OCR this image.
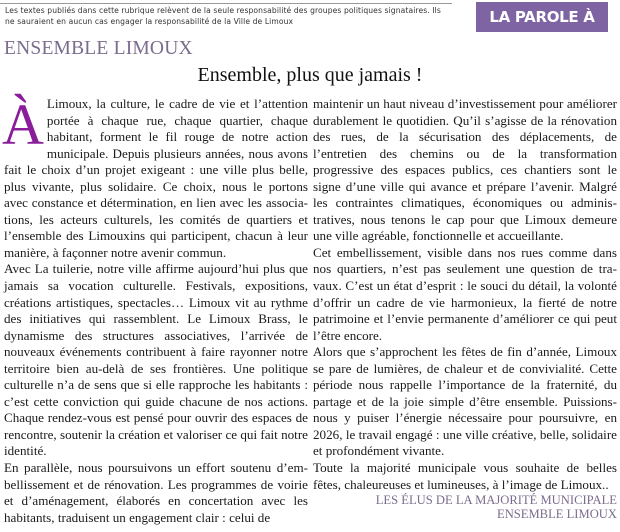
Les textes publiés dans cette rubrique relèvent de la seule responsabilité des groupes politiques signataires. Ils ne sauraient en aucun cas engager la responsabilité de la Ville de Limoux	LA PAROLE À
ENSEMBLE LIMOUX
Ensemble, plus que jamais !

À Limoux, la culture, le cadre de vie et l’attention portée à chaque rue, chaque quartier, chaque habitant, forment le fil rouge de notre action municipale. Depuis plusieurs années, nous avons fait le choix d’un projet exigeant : une ville plus belle, plus vivante, plus solidaire. Ce choix, nous le portons avec constance et détermination, en lien avec les associations, les acteurs culturels, les comités de quartiers et l’ensemble des Limouxins qui participent, chacun à leur manière, à façonner notre avenir commun.

Avec La tuilerie, notre ville affirme aujourd’hui plus que jamais sa vocation culturelle. Festivals, expositions, créations artistiques, spectacles… Limoux vit au rythme des initiatives qui rassemblent. Le Limoux Brass, le dynamisme des structures associatives, l’arrivée de nouveaux événements contribuent à faire rayonner notre territoire bien au-delà de ses frontières. Une politique culturelle n’a de sens que si elle rapproche les habitants : c’est cette conviction qui guide chacune de nos actions. Chaque rendez-vous est pensé pour ouvrir des espaces de rencontre, soutenir la création et valoriser ce qui fait notre identité.

En parallèle, nous poursuivons un effort soutenu d’embellissement et de rénovation. Les programmes de voirie et d’aménagement, élaborés en concertation avec les habitants, traduisent un engagement clair : celui de

maintenir un haut niveau d’investissement pour améliorer durablement le quotidien. Qu’il s’agisse de la rénovation des rues, de la sécurisation des déplacements, de l’entretien des chemins ou de la transformation progressive des espaces publics, ces chantiers sont le signe d’une ville qui avance et prépare l’avenir. Malgré les contraintes climatiques, économiques ou administratives, nous tenons le cap pour que Limoux demeure une ville agréable, fonctionnelle et accueillante.

Cet embellissement, visible dans nos rues comme dans nos quartiers, n’est pas seulement une question de travaux. C’est un état d’esprit : le souci du détail, la volonté d’offrir un cadre de vie harmonieux, la fierté de notre patrimoine et l’envie permanente d’améliorer ce qui peut l’être encore.

Alors que s’approchent les fêtes de fin d’année, Limoux se pare de lumières, de chaleur et de convivialité. Cette période nous rappelle l’importance de la fraternité, du partage et de la joie simple d’être ensemble. Puissions-nous y puiser l’énergie nécessaire pour poursuivre, en 2026, le travail engagé : une ville créative, belle, solidaire et profondément vivante.

Toute la majorité municipale vous souhaite de belles fêtes, chaleureuses et lumineuses, à l’image de Limoux..

LES ÉLUS DE LA MAJORITÉ MUNICIPALE
ENSEMBLE LIMOUX
